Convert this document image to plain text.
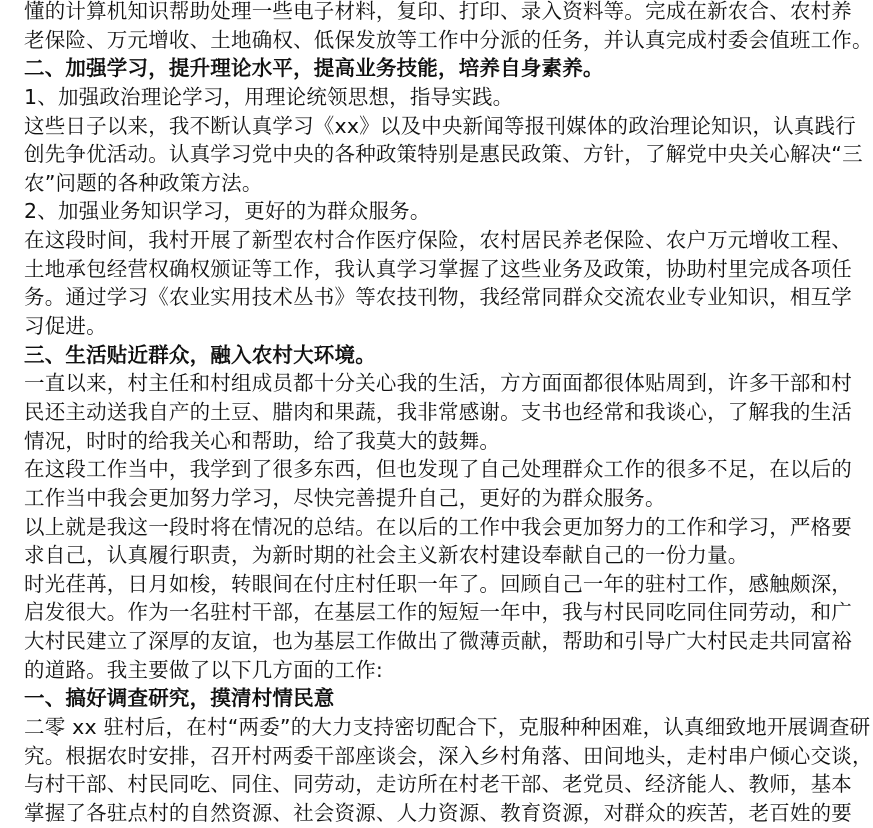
懂的计算机知识帮助处理一些电子材料，复印、打印、录入资料等。完成在新农合、农村养
老保险、万元增收、土地确权、低保发放等工作中分派的任务，并认真完成村委会值班工作。
二、加强学习，提升理论水平，提高业务技能，培养自身素养。
1、加强政治理论学习，用理论统领思想，指导实践。
这些日子以来，我不断认真学习《xx》以及中央新闻等报刊媒体的政治理论知识，认真践行
创先争优活动。认真学习党中央的各种政策特别是惠民政策、方针，了解党中央关心解决“三
农”问题的各种政策方法。
2、加强业务知识学习，更好的为群众服务。
在这段时间，我村开展了新型农村合作医疗保险，农村居民养老保险、农户万元增收工程、
土地承包经营权确权颁证等工作，我认真学习掌握了这些业务及政策，协助村里完成各项任
务。通过学习《农业实用技术丛书》等农技刊物，我经常同群众交流农业专业知识，相互学
习促进。
三、生活贴近群众，融入农村大环境。
一直以来，村主任和村组成员都十分关心我的生活，方方面面都很体贴周到，许多干部和村
民还主动送我自产的土豆、腊肉和果蔬，我非常感谢。支书也经常和我谈心，了解我的生活
情况，时时的给我关心和帮助，给了我莫大的鼓舞。
在这段工作当中，我学到了很多东西，但也发现了自己处理群众工作的很多不足，在以后的
工作当中我会更加努力学习，尽快完善提升自己，更好的为群众服务。
以上就是我这一段时将在情况的总结。在以后的工作中我会更加努力的工作和学习，严格要
求自己，认真履行职责，为新时期的社会主义新农村建设奉献自己的一份力量。
时光荏苒，日月如梭，转眼间在付庄村任职一年了。回顾自己一年的驻村工作，感触颇深，
启发很大。作为一名驻村干部，在基层工作的短短一年中，我与村民同吃同住同劳动，和广
大村民建立了深厚的友谊，也为基层工作做出了微薄贡献，帮助和引导广大村民走共同富裕
的道路。我主要做了以下几方面的工作:
一、搞好调查研究，摸清村情民意
二零 xx 驻村后，在村“两委”的大力支持密切配合下，克服种种困难，认真细致地开展调查研
究。根据农时安排，召开村两委干部座谈会，深入乡村角落、田间地头，走村串户倾心交谈，
与村干部、村民同吃、同住、同劳动，走访所在村老干部、老党员、经济能人、教师，基本
掌握了各驻点村的自然资源、社会资源、人力资源、教育资源，对群众的疾苦，老百姓的要
